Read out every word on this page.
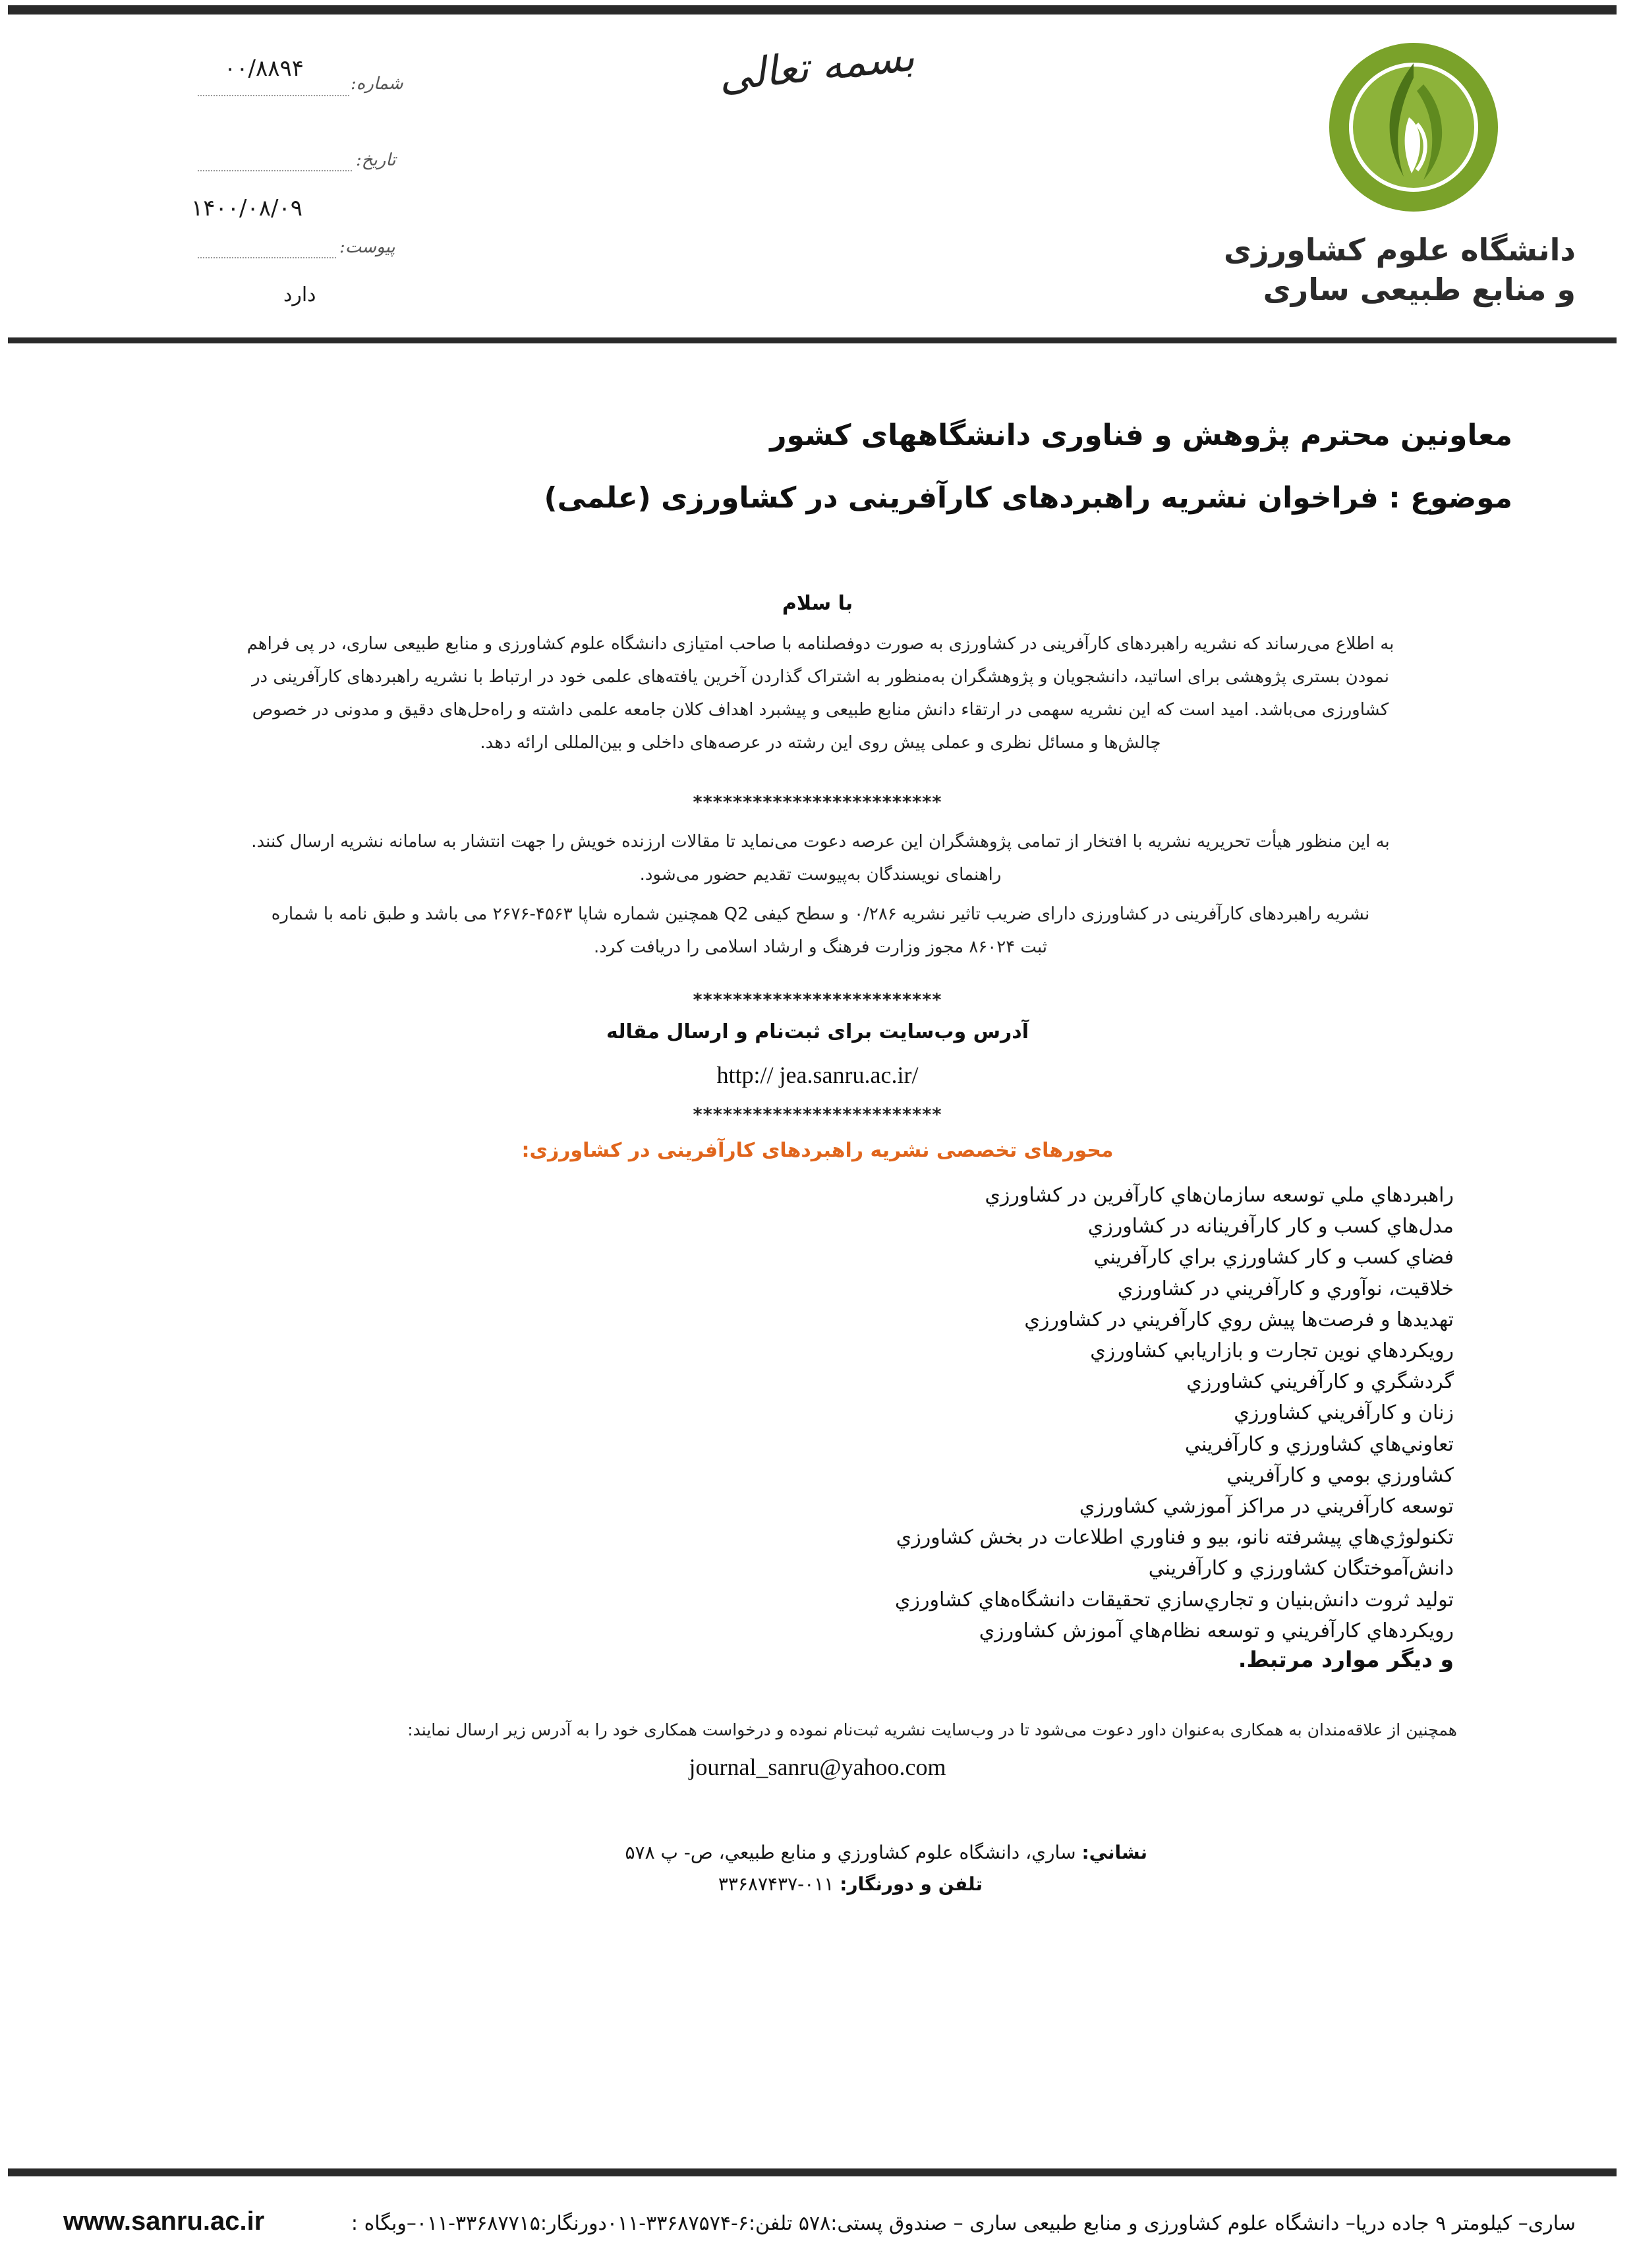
۰۰/۸۸۹۴
شماره:
تاریخ:
۱۴۰۰/۰۸/۰۹
پیوست:
دارد
بسمه تعالی
دانشگاه علوم کشاورزی
و منابع طبیعی ساری
معاونین محترم پژوهش و فناوری دانشگاههای کشور
موضوع : فراخوان نشریه راهبردهای کارآفرینی در کشاورزی (علمی)
با سلام
به اطلاع می‌رساند که نشریه راهبردهای کارآفرینی در کشاورزی به صورت دوفصلنامه با صاحب امتیازی دانشگاه علوم کشاورزی و منابع طبیعی ساری، در پی فراهم
نمودن بستری پژوهشی برای اساتید، دانشجویان و پژوهشگران به‌منظور به اشتراک گذاردن آخرین یافته‌های علمی خود در ارتباط با نشریه راهبردهای کارآفرینی در
کشاورزی می‌باشد. امید است که این نشریه سهمی در ارتقاء دانش منابع طبیعی و پیشبرد اهداف کلان جامعه علمی داشته و راه‌حل‌های دقیق و مدونی در خصوص
چالش‌ها و مسائل نظری و عملی پیش روی این رشته در عرصه‌های داخلی و بین‌المللی ارائه دهد.
*************************
به این منظور هیأت تحریریه نشریه با افتخار از تمامی پژوهشگران این عرصه دعوت می‌نماید تا مقالات ارزنده خویش را جهت انتشار به سامانه نشریه ارسال کنند.
راهنمای نویسندگان به‌پیوست تقدیم حضور می‌شود.
نشریه راهبردهای کارآفرینی در کشاورزی دارای ضریب تاثیر نشریه ۰/۲۸۶ و سطح کیفی Q2 همچنین شماره شاپا ۴۵۶۳-۲۶۷۶ می باشد و طبق نامه با شماره
ثبت ۸۶۰۲۴ مجوز وزارت فرهنگ و ارشاد اسلامی را دریافت کرد.
*************************
آدرس وب‌سایت برای ثبت‌نام و ارسال مقاله
http:// jea.sanru.ac.ir/
*************************
محورهای تخصصی نشریه راهبردهای کارآفرینی در کشاورزی:
راهبردهاي ملي توسعه سازمان‌هاي كارآفرين در كشاورزي
مدل‌هاي كسب و كار كارآفرينانه در كشاورزي
فضاي كسب و كار كشاورزي براي كارآفريني
خلاقيت، نوآوري و كارآفريني در كشاورزي
تهديدها و فرصت‌ها پيش روي كارآفريني در كشاورزي
رويكردهاي نوين تجارت و بازاريابي كشاورزي
گردشگري و كارآفريني كشاورزي
زنان و كارآفريني كشاورزي
تعاوني‌هاي كشاورزي و كارآفريني
كشاورزي بومي و كارآفريني
توسعه كارآفريني در مراكز آموزشي كشاورزي
تكنولوژي‌هاي پيشرفته نانو، بيو و فناوري اطلاعات در بخش كشاورزي
دانش‌آموختگان كشاورزي و كارآفريني
توليد ثروت دانش‌بنيان و تجاري‌سازي تحقيقات دانشگاه‌هاي كشاورزي
رويكردهاي كارآفريني و توسعه نظام‌هاي آموزش كشاورزي
و دیگر موارد مرتبط.
همچنین از علاقه‌مندان به همکاری به‌عنوان داور دعوت می‌شود تا در وب‌سایت نشریه ثبت‌نام نموده و درخواست همکاری خود را به آدرس زیر ارسال نمایند:
journal_sanru@yahoo.com
نشاني: ساري، دانشگاه علوم كشاورزي و منابع طبيعي، ص- پ ۵۷۸
تلفن و دورنگار: ۰۱۱-۳۳۶۸۷۴۳۷
ساری– کیلومتر ۹ جاده دریا– دانشگاه علوم کشاورزی و منابع طبیعی ساری – صندوق پستی:۵۷۸ تلفن:۶-۳۳۶۸۷۵۷۴-۰۱۱دورنگار:۳۳۶۸۷۷۱۵-۰۱۱–وبگاه :
www.sanru.ac.ir
